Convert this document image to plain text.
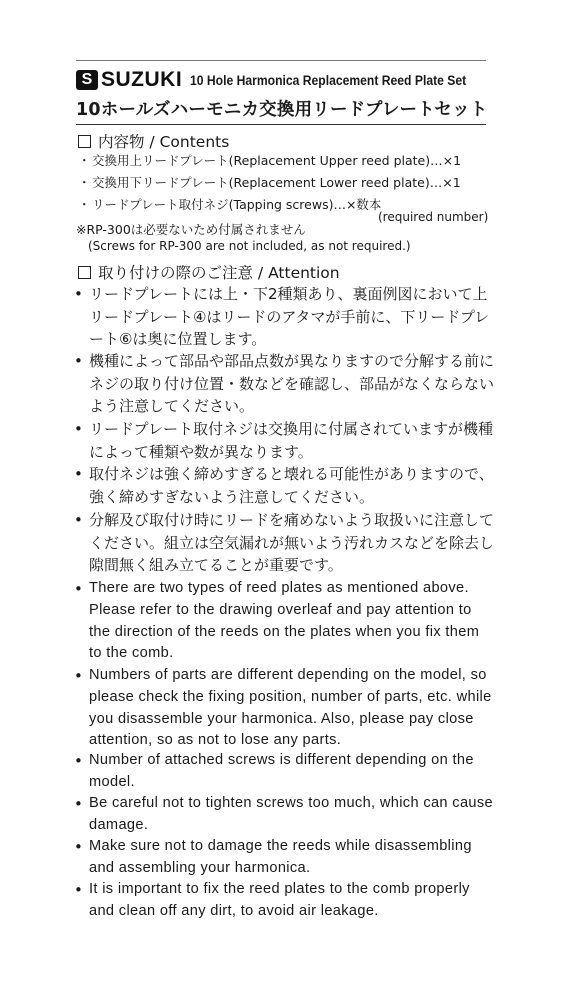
S SUZUKI 10 Hole Harmonica Replacement Reed Plate Set
10ホールズハーモニカ交換用リードプレートセット
内容物 / Contents
・交換用上リードプレート(Replacement Upper reed plate)…×1
・交換用下リードプレート(Replacement Lower reed plate)…×1
・リードプレート取付ネジ(Tapping screws)…×数本
(required number)
※RP-300は必要ないため付属されません
(Screws for RP-300 are not included, as not required.)
取り付けの際のご注意 / Attention
• リードプレートには上・下2種類あり、裏面例図において上リードプレート④はリードのアタマが手前に、下リードプレート⑥は奥に位置します。
• 機種によって部品や部品点数が異なりますので分解する前にネジの取り付け位置・数などを確認し、部品がなくならないよう注意してください。
• リードプレート取付ネジは交換用に付属されていますが機種によって種類や数が異なります。
• 取付ネジは強く締めすぎると壊れる可能性がありますので、強く締めすぎないよう注意してください。
• 分解及び取付け時にリードを痛めないよう取扱いに注意してください。組立は空気漏れが無いよう汚れカスなどを除去し隙間無く組み立てることが重要です。
• There are two types of reed plates as mentioned above. Please refer to the drawing overleaf and pay attention to the direction of the reeds on the plates when you fix them to the comb.
• Numbers of parts are different depending on the model, so please check the fixing position, number of parts, etc. while you disassemble your harmonica. Also, please pay close attention, so as not to lose any parts.
• Number of attached screws is different depending on the model.
• Be careful not to tighten screws too much, which can cause damage.
• Make sure not to damage the reeds while disassembling and assembling your harmonica.
• It is important to fix the reed plates to the comb properly and clean off any dirt, to avoid air leakage.
